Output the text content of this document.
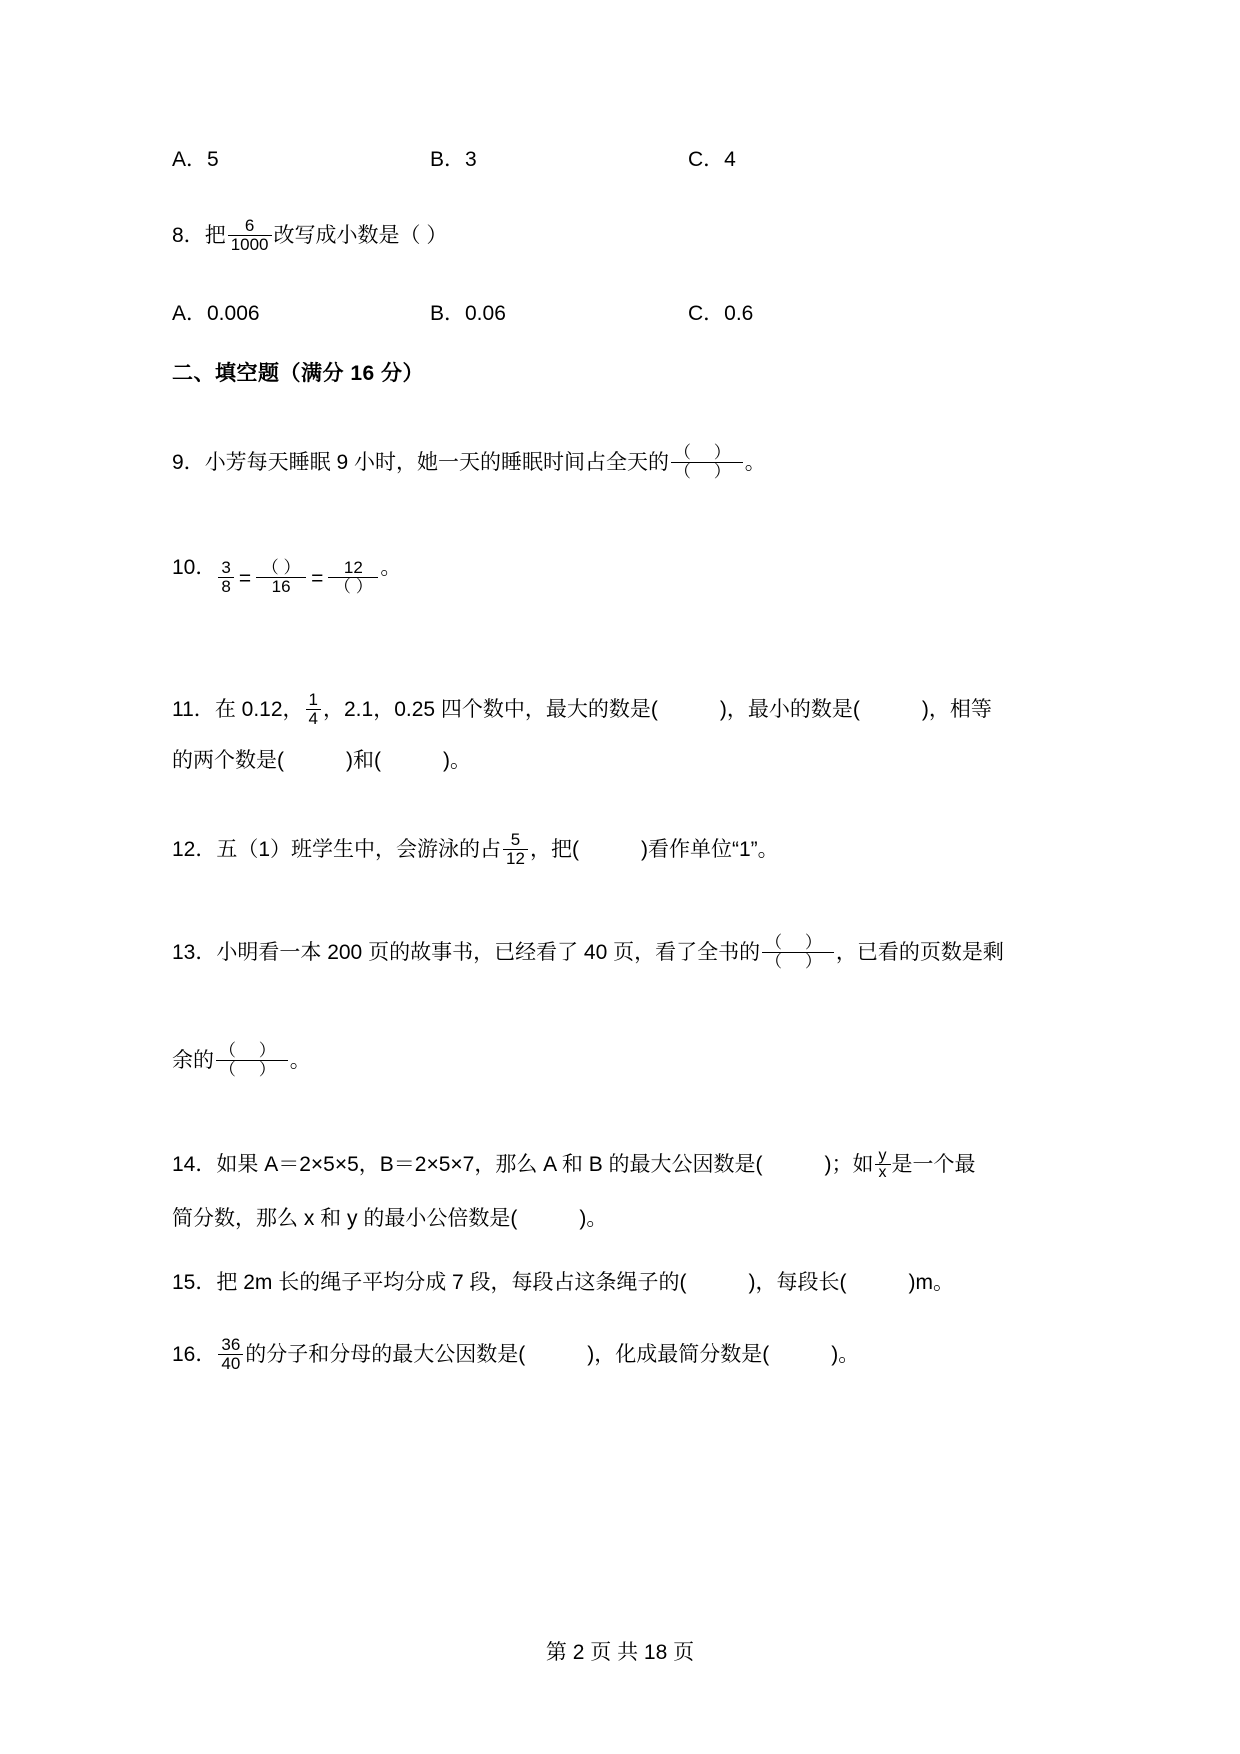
A．5	B．3	C．4
8．把 $\frac{6}{1000}$ 改写成小数是（ ）
A．0.006	B．0.06	C．0.6
二、填空题（满分 16 分）
9．小芳每天睡眠 9 小时，她一天的睡眠时间占全天的 $\frac{( )}{( )}$ 。
10． $\frac{3}{8} = \frac{( )}{16} = \frac{12}{( )}$ 。
11．在 0.12， $\frac{1}{4}$ ，2.1，0.25 四个数中，最大的数是(	)，最小的数是(	)，相等
的两个数是(	)和(	)。
12．五（1）班学生中，会游泳的占 $\frac{5}{12}$ ，把(	)看作单位“1”。
13．小明看一本 200 页的故事书，已经看了 40 页，看了全书的 $\frac{( )}{( )}$ ，已看的页数是剩
余的 $\frac{( )}{( )}$ 。
14．如果 A＝2×5×5，B＝2×5×7，那么 A 和 B 的最大公因数是(	)；如 $\frac{y}{x}$ 是一个最
简分数，那么 x 和 y 的最小公倍数是(	)。
15．把 2m 长的绳子平均分成 7 段，每段占这条绳子的(	)，每段长(	)m。
16． $\frac{36}{40}$ 的分子和分母的最大公因数是(	)，化成最简分数是(	)。
第 2 页 共 18 页
